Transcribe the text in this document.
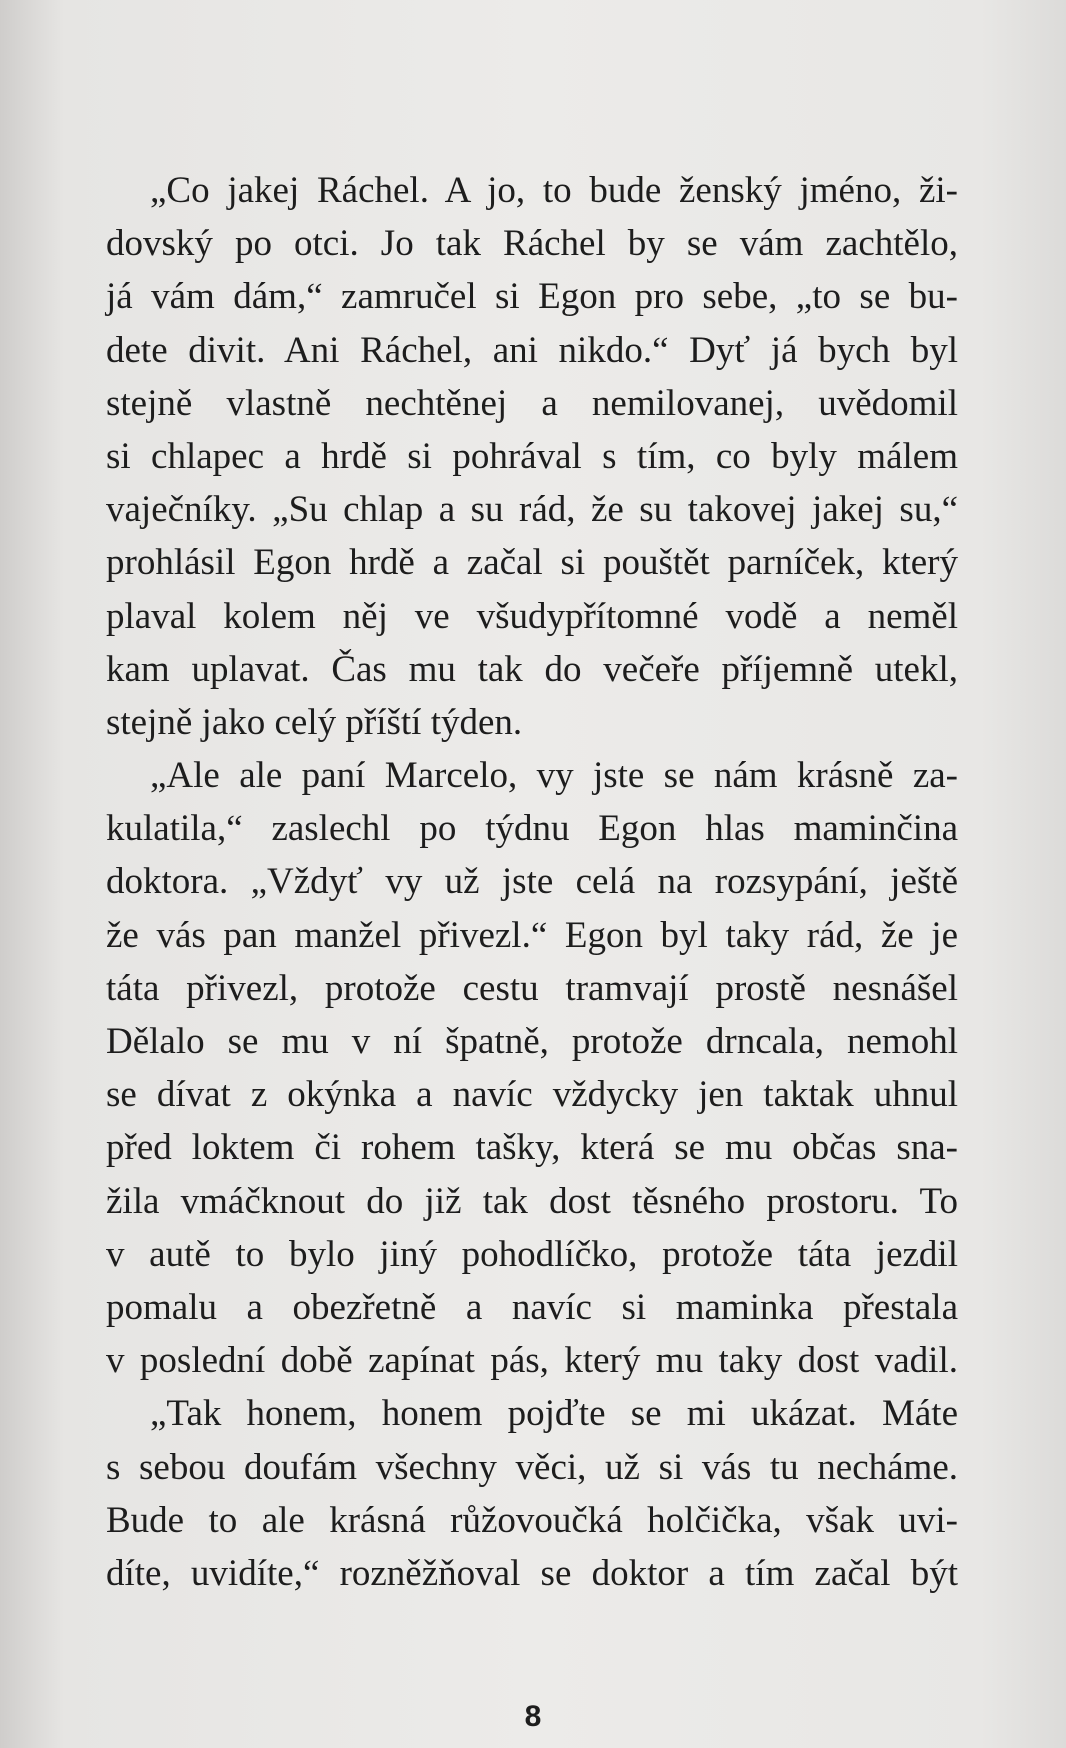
„Co jakej Ráchel. A jo, to bude ženský jméno, ži-
dovský po otci. Jo tak Ráchel by se vám zachtělo,
já vám dám,“ zamručel si Egon pro sebe, „to se bu-
dete divit. Ani Ráchel, ani nikdo.“ Dyť já bych byl
stejně vlastně nechtěnej a nemilovanej, uvědomil
si chlapec a hrdě si pohrával s tím, co byly málem
vaječníky. „Su chlap a su rád, že su takovej jakej su,“
prohlásil Egon hrdě a začal si pouštět parníček, který
plaval kolem něj ve všudypřítomné vodě a neměl
kam uplavat. Čas mu tak do večeře příjemně utekl,
stejně jako celý příští týden.
„Ale ale paní Marcelo, vy jste se nám krásně za-
kulatila,“ zaslechl po týdnu Egon hlas maminčina
doktora. „Vždyť vy už jste celá na rozsypání, ještě
že vás pan manžel přivezl.“ Egon byl taky rád, že je
táta přivezl, protože cestu tramvají prostě nesnášel
Dělalo se mu v ní špatně, protože drncala, nemohl
se dívat z okýnka a navíc vždycky jen taktak uhnul
před loktem či rohem tašky, která se mu občas sna-
žila vmáčknout do již tak dost těsného prostoru. To
v autě to bylo jiný pohodlíčko, protože táta jezdil
pomalu a obezřetně a navíc si maminka přestala
v poslední době zapínat pás, který mu taky dost vadil.
„Tak honem, honem pojďte se mi ukázat. Máte
s sebou doufám všechny věci, už si vás tu necháme.
Bude to ale krásná růžovoučká holčička, však uvi-
díte, uvidíte,“ rozněžňoval se doktor a tím začal být
8
